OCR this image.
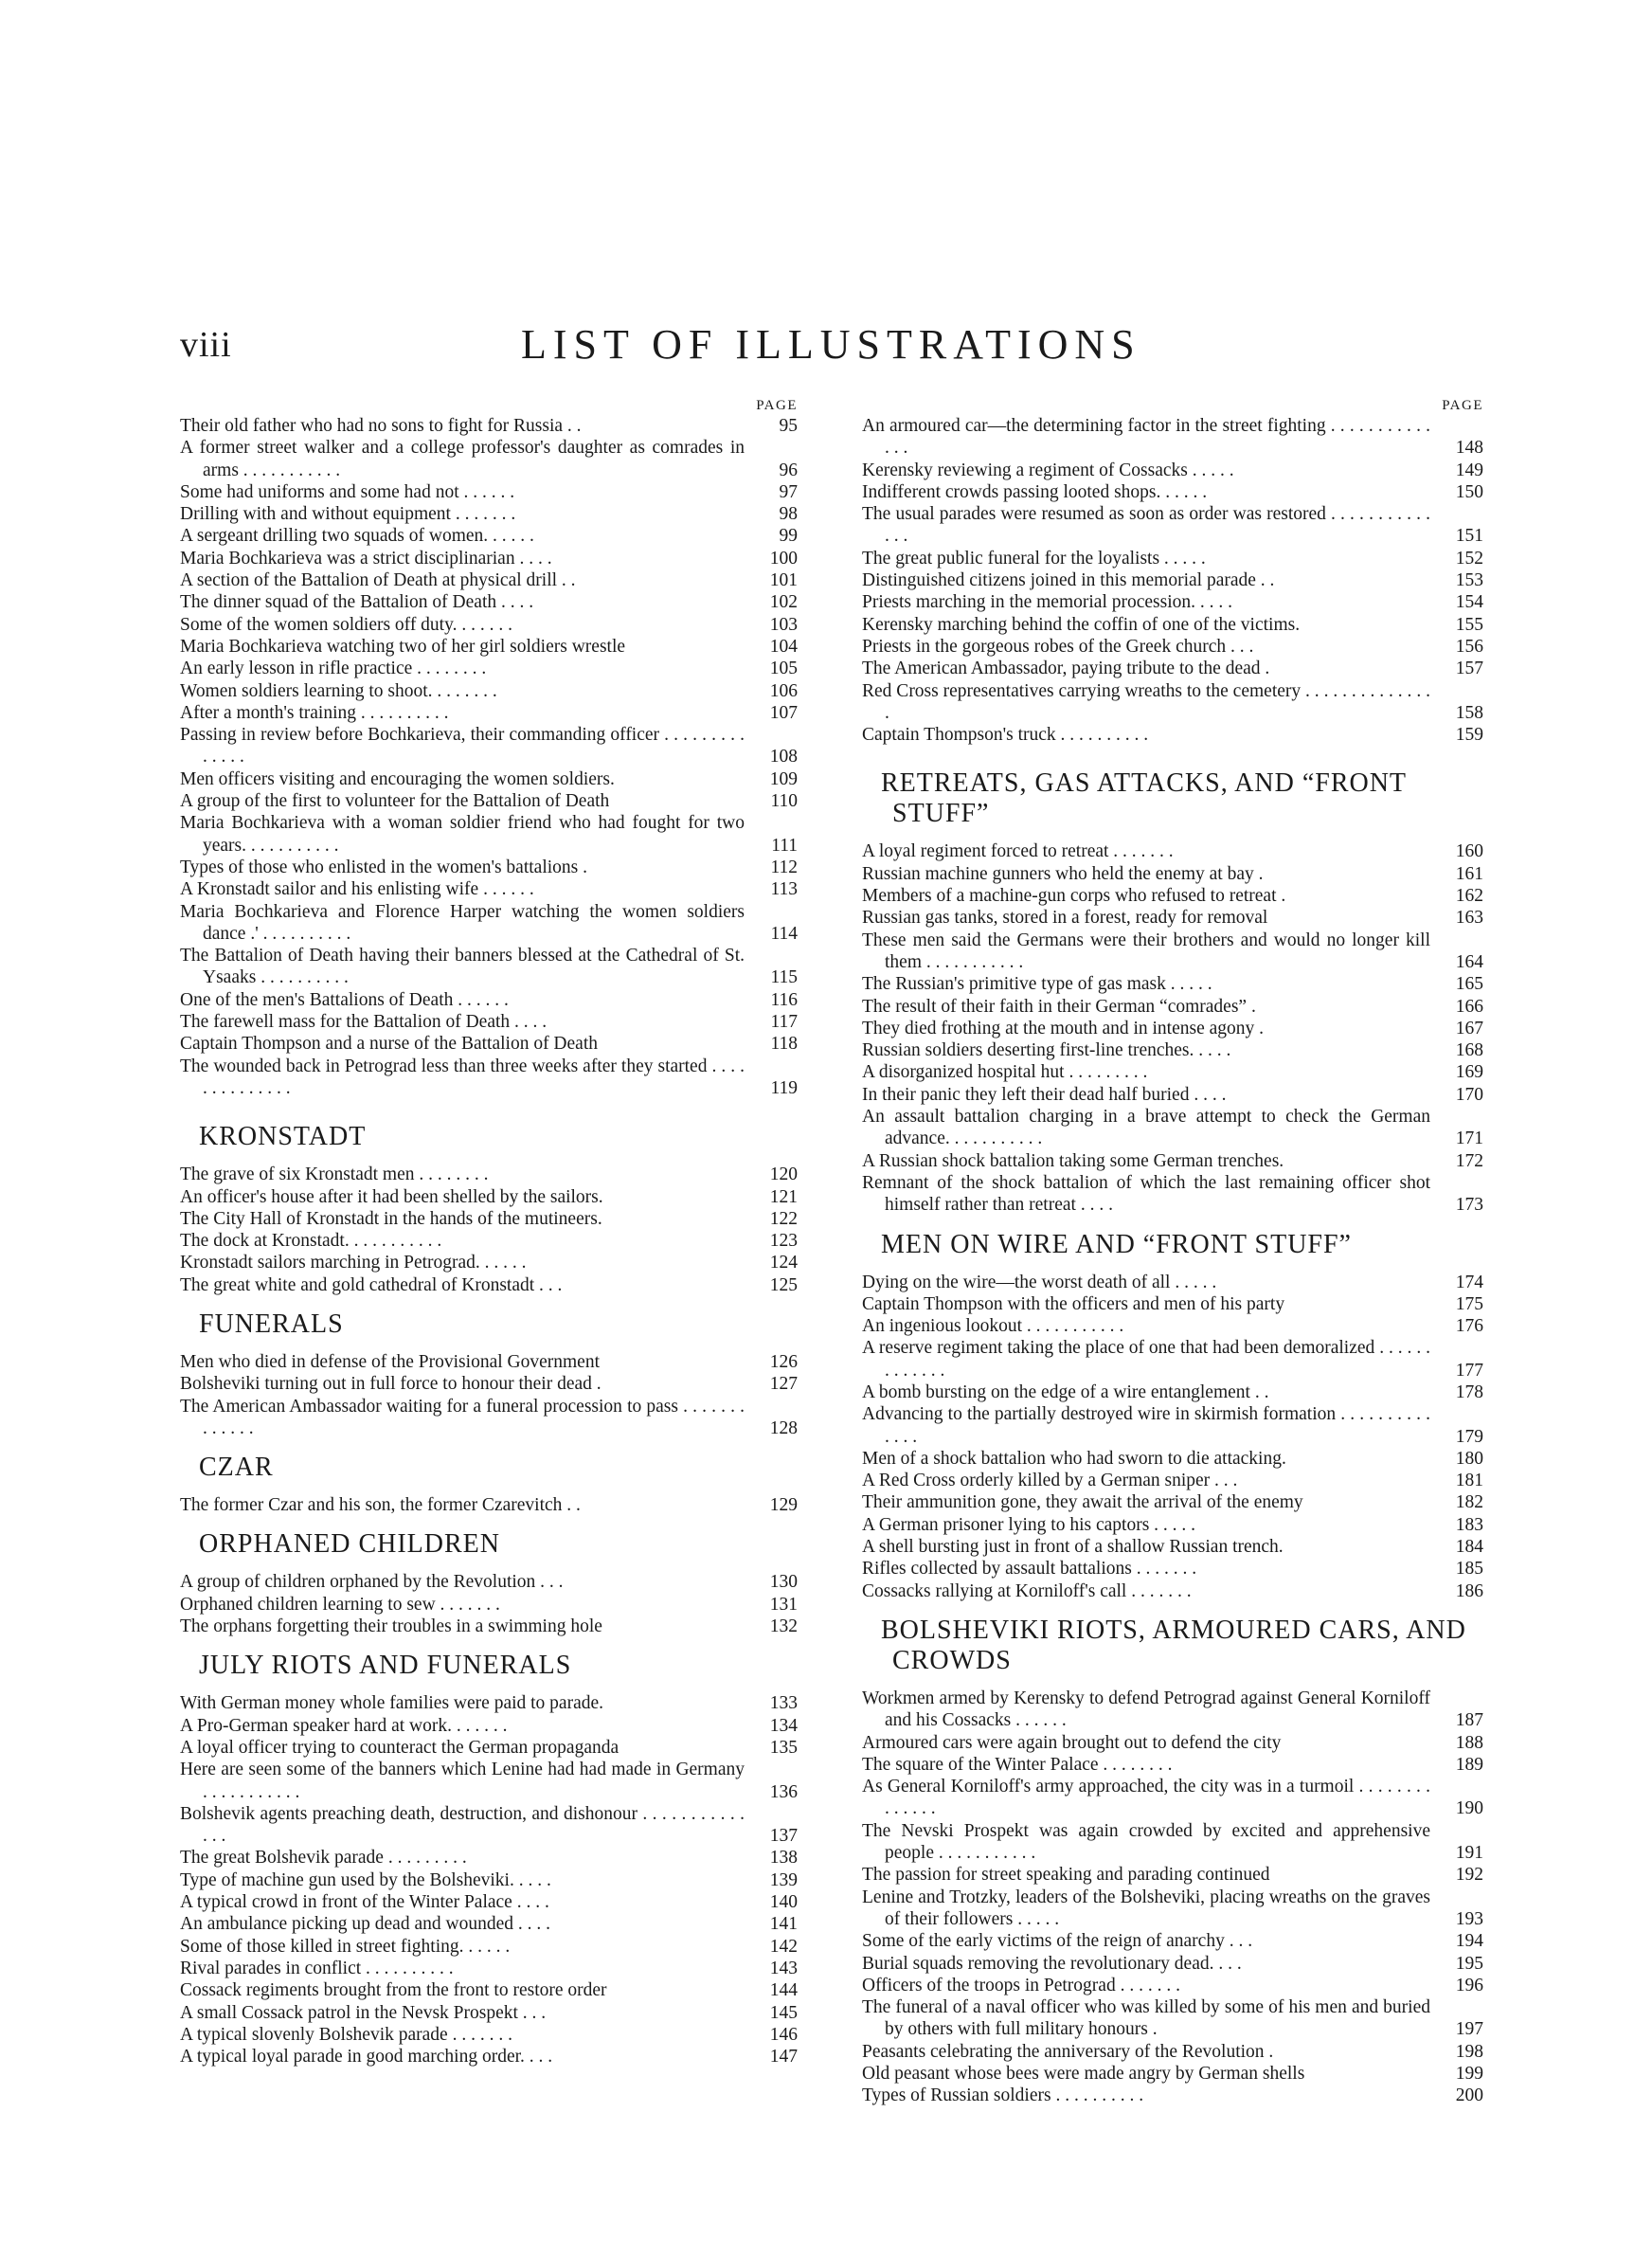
viii	LIST OF ILLUSTRATIONS
PAGE
Their old father who had no sons to fight for Russia . .	95
A former street walker and a college professor's daughter as comrades in arms . . . . . . . . . . .	96
Some had uniforms and some had not . . . . . .	97
Drilling with and without equipment . . . . . . .	98
A sergeant drilling two squads of women. . . . . .	99
Maria Bochkarieva was a strict disciplinarian . . . .	100
A section of the Battalion of Death at physical drill . .	101
The dinner squad of the Battalion of Death . . . .	102
Some of the women soldiers off duty. . . . . . .	103
Maria Bochkarieva watching two of her girl soldiers wrestle	104
An early lesson in rifle practice . . . . . . . .	105
Women soldiers learning to shoot. . . . . . . .	106
After a month's training . . . . . . . . . .	107
Passing in review before Bochkarieva, their commanding officer . . . . . . . . . . . . . .	108
Men officers visiting and encouraging the women soldiers.	109
A group of the first to volunteer for the Battalion of Death	110
Maria Bochkarieva with a woman soldier friend who had fought for two years. . . . . . . . . . .	111
Types of those who enlisted in the women's battalions .	112
A Kronstadt sailor and his enlisting wife . . . . . .	113
Maria Bochkarieva and Florence Harper watching the women soldiers dance .' . . . . . . . . . .	114
The Battalion of Death having their banners blessed at the Cathedral of St. Ysaaks . . . . . . . . . .	115
One of the men's Battalions of Death . . . . . .	116
The farewell mass for the Battalion of Death . . . .	117
Captain Thompson and a nurse of the Battalion of Death	118
The wounded back in Petrograd less than three weeks after they started . . . . . . . . . . . . . .	119
KRONSTADT
The grave of six Kronstadt men . . . . . . . .	120
An officer's house after it had been shelled by the sailors.	121
The City Hall of Kronstadt in the hands of the mutineers.	122
The dock at Kronstadt. . . . . . . . . . .	123
Kronstadt sailors marching in Petrograd. . . . . .	124
The great white and gold cathedral of Kronstadt . . .	125
FUNERALS
Men who died in defense of the Provisional Government	126
Bolsheviki turning out in full force to honour their dead .	127
The American Ambassador waiting for a funeral procession to pass . . . . . . . . . . . . .	128
CZAR
The former Czar and his son, the former Czarevitch . .	129
ORPHANED CHILDREN
A group of children orphaned by the Revolution . . .	130
Orphaned children learning to sew . . . . . . .	131
The orphans forgetting their troubles in a swimming hole	132
JULY RIOTS AND FUNERALS
With German money whole families were paid to parade.	133
A Pro-German speaker hard at work. . . . . . .	134
A loyal officer trying to counteract the German propaganda	135
Here are seen some of the banners which Lenine had had made in Germany . . . . . . . . . . .	136
Bolshevik agents preaching death, destruction, and dishonour . . . . . . . . . . . . . .	137
The great Bolshevik parade . . . . . . . . .	138
Type of machine gun used by the Bolsheviki. . . . .	139
A typical crowd in front of the Winter Palace . . . .	140
An ambulance picking up dead and wounded . . . .	141
Some of those killed in street fighting. . . . . .	142
Rival parades in conflict . . . . . . . . . .	143
Cossack regiments brought from the front to restore order	144
A small Cossack patrol in the Nevsk Prospekt . . .	145
A typical slovenly Bolshevik parade . . . . . . .	146
A typical loyal parade in good marching order. . . .	147
PAGE
An armoured car—the determining factor in the street fighting . . . . . . . . . . . . . .	148
Kerensky reviewing a regiment of Cossacks . . . . .	149
Indifferent crowds passing looted shops. . . . . .	150
The usual parades were resumed as soon as order was restored . . . . . . . . . . . . . .	151
The great public funeral for the loyalists . . . . .	152
Distinguished citizens joined in this memorial parade . .	153
Priests marching in the memorial procession. . . . .	154
Kerensky marching behind the coffin of one of the victims.	155
Priests in the gorgeous robes of the Greek church . . .	156
The American Ambassador, paying tribute to the dead .	157
Red Cross representatives carrying wreaths to the cemetery . . . . . . . . . . . . . . .	158
Captain Thompson's truck . . . . . . . . . .	159
RETREATS, GAS ATTACKS, AND “FRONT STUFF”
A loyal regiment forced to retreat . . . . . . .	160
Russian machine gunners who held the enemy at bay .	161
Members of a machine-gun corps who refused to retreat .	162
Russian gas tanks, stored in a forest, ready for removal	163
These men said the Germans were their brothers and would no longer kill them . . . . . . . . . . .	164
The Russian's primitive type of gas mask . . . . .	165
The result of their faith in their German “comrades” .	166
They died frothing at the mouth and in intense agony .	167
Russian soldiers deserting first-line trenches. . . . .	168
A disorganized hospital hut . . . . . . . . .	169
In their panic they left their dead half buried . . . .	170
An assault battalion charging in a brave attempt to check the German advance. . . . . . . . . . .	171
A Russian shock battalion taking some German trenches.	172
Remnant of the shock battalion of which the last remaining officer shot himself rather than retreat . . . .	173
MEN ON WIRE AND “FRONT STUFF”
Dying on the wire—the worst death of all . . . . .	174
Captain Thompson with the officers and men of his party	175
An ingenious lookout . . . . . . . . . . .	176
A reserve regiment taking the place of one that had been demoralized . . . . . . . . . . . . .	177
A bomb bursting on the edge of a wire entanglement . .	178
Advancing to the partially destroyed wire in skirmish formation . . . . . . . . . . . . . .	179
Men of a shock battalion who had sworn to die attacking.	180
A Red Cross orderly killed by a German sniper . . .	181
Their ammunition gone, they await the arrival of the enemy	182
A German prisoner lying to his captors . . . . .	183
A shell bursting just in front of a shallow Russian trench.	184
Rifles collected by assault battalions . . . . . . .	185
Cossacks rallying at Korniloff's call . . . . . . .	186
BOLSHEVIKI RIOTS, ARMOURED CARS, AND CROWDS
Workmen armed by Kerensky to defend Petrograd against General Korniloff and his Cossacks . . . . . .	187
Armoured cars were again brought out to defend the city	188
The square of the Winter Palace . . . . . . . .	189
As General Korniloff's army approached, the city was in a turmoil . . . . . . . . . . . . . .	190
The Nevski Prospekt was again crowded by excited and apprehensive people . . . . . . . . . . .	191
The passion for street speaking and parading continued	192
Lenine and Trotzky, leaders of the Bolsheviki, placing wreaths on the graves of their followers . . . . .	193
Some of the early victims of the reign of anarchy . . .	194
Burial squads removing the revolutionary dead. . . .	195
Officers of the troops in Petrograd . . . . . . .	196
The funeral of a naval officer who was killed by some of his men and buried by others with full military honours .	197
Peasants celebrating the anniversary of the Revolution .	198
Old peasant whose bees were made angry by German shells	199
Types of Russian soldiers . . . . . . . . . .	200
